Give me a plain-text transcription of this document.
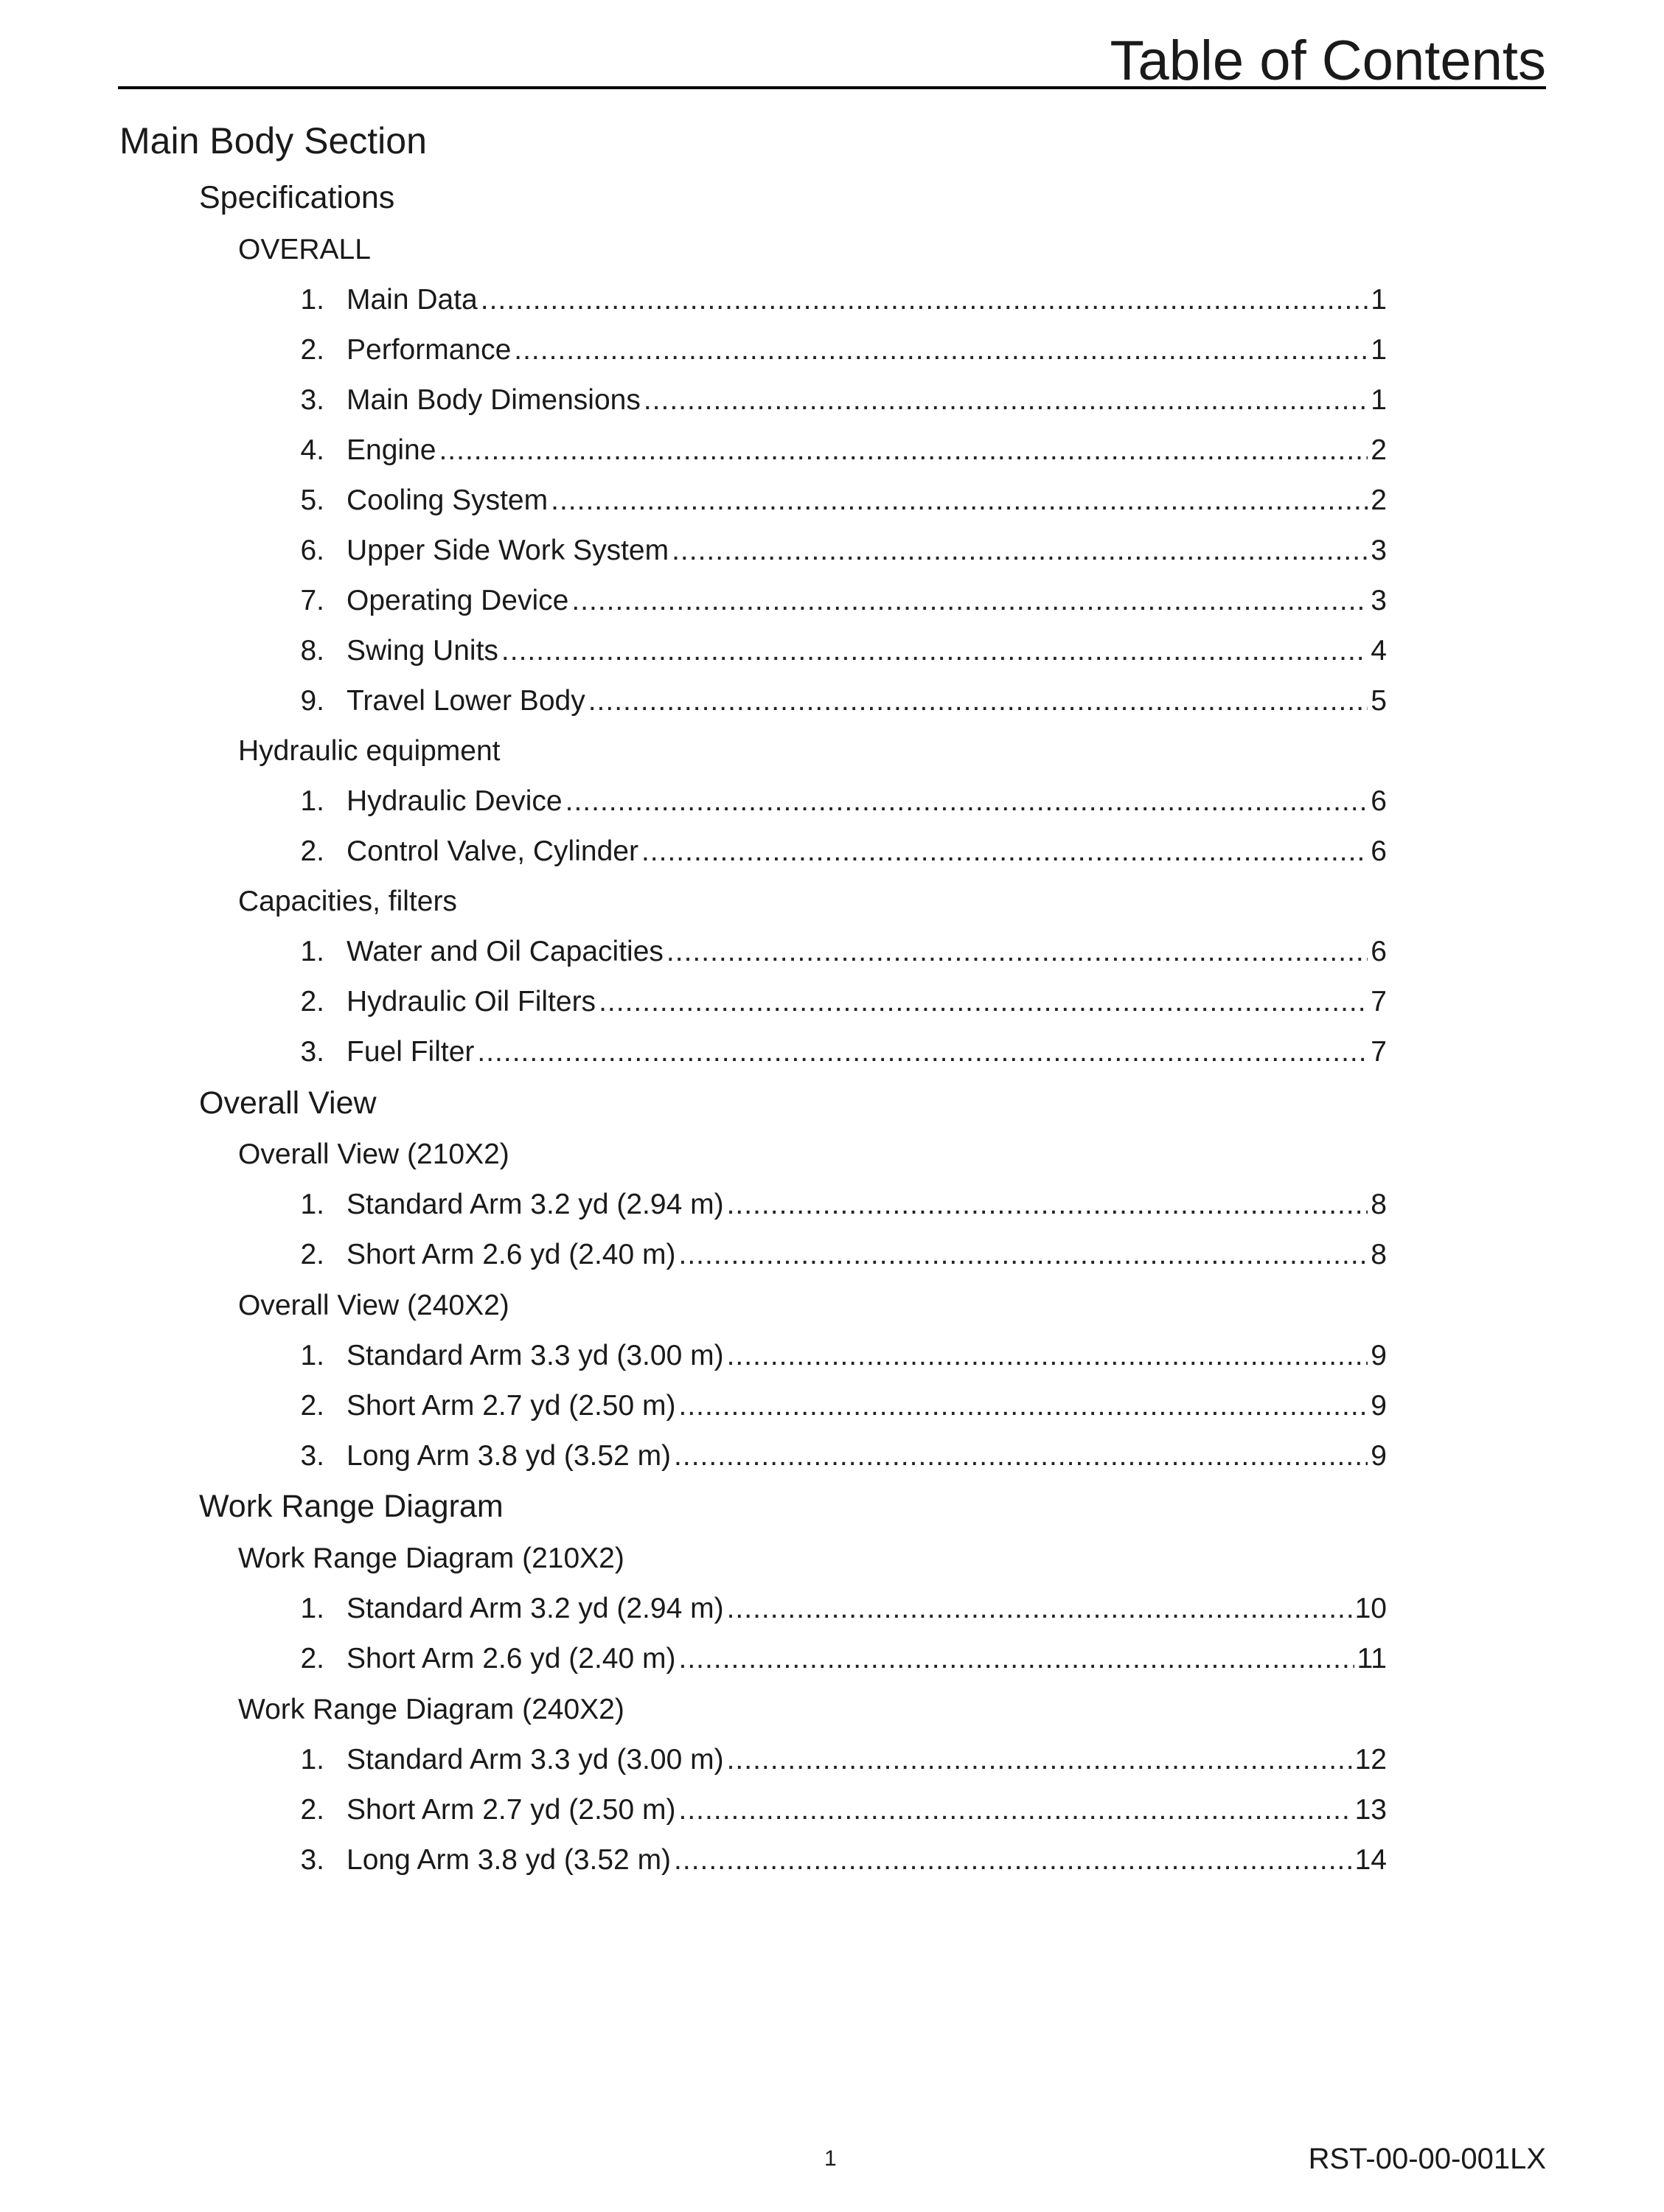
Table of Contents
Main Body Section
Specifications
OVERALL
1. Main Data .....	1
2. Performance .....	1
3. Main Body Dimensions .....	1
4. Engine .....	2
5. Cooling System .....	2
6. Upper Side Work System .....	3
7. Operating Device .....	3
8. Swing Units .....	4
9. Travel Lower Body .....	5
Hydraulic equipment
1. Hydraulic Device .....	6
2. Control Valve, Cylinder .....	6
Capacities, filters
1. Water and Oil Capacities .....	6
2. Hydraulic Oil Filters .....	7
3. Fuel Filter .....	7
Overall View
Overall View (210X2)
1. Standard Arm 3.2 yd (2.94 m) .....	8
2. Short Arm 2.6 yd (2.40 m) .....	8
Overall View (240X2)
1. Standard Arm 3.3 yd (3.00 m) .....	9
2. Short Arm 2.7 yd (2.50 m) .....	9
3. Long Arm 3.8 yd (3.52 m) .....	9
Work Range Diagram
Work Range Diagram (210X2)
1. Standard Arm 3.2 yd (2.94 m) .....	10
2. Short Arm 2.6 yd (2.40 m) .....	11
Work Range Diagram (240X2)
1. Standard Arm 3.3 yd (3.00 m) .....	12
2. Short Arm 2.7 yd (2.50 m) .....	13
3. Long Arm 3.8 yd (3.52 m) .....	14
1	RST-00-00-001LX
